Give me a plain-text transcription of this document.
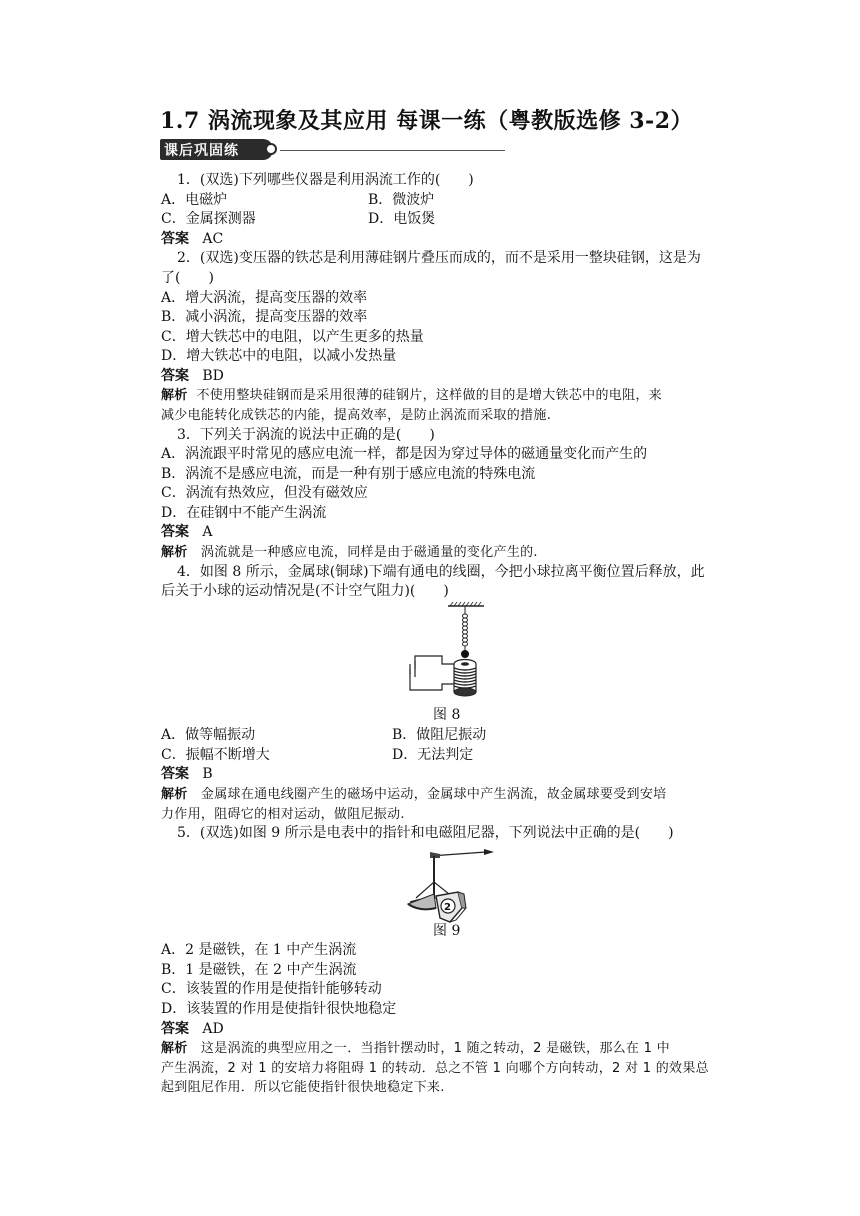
1.7 涡流现象及其应用 每课一练（粤教版选修 3-2）
课后巩固练
1．(双选)下列哪些仪器是利用涡流工作的(　　)
A．电磁炉	B．微波炉
C．金属探测器	D．电饭煲
答案 AC
2．(双选)变压器的铁芯是利用薄硅钢片叠压而成的，而不是采用一整块硅钢，这是为
了(　　)
A．增大涡流，提高变压器的效率
B．减小涡流，提高变压器的效率
C．增大铁芯中的电阻，以产生更多的热量
D．增大铁芯中的电阻，以减小发热量
答案 BD
解析 不使用整块硅钢而是采用很薄的硅钢片，这样做的目的是增大铁芯中的电阻，来
减少电能转化成铁芯的内能，提高效率，是防止涡流而采取的措施.
3．下列关于涡流的说法中正确的是(　　)
A．涡流跟平时常见的感应电流一样，都是因为穿过导体的磁通量变化而产生的
B．涡流不是感应电流，而是一种有别于感应电流的特殊电流
C．涡流有热效应，但没有磁效应
D．在硅钢中不能产生涡流
答案 A
解析 涡流就是一种感应电流，同样是由于磁通量的变化产生的.
4．如图 8 所示，金属球(铜球)下端有通电的线圈，今把小球拉离平衡位置后释放，此
后关于小球的运动情况是(不计空气阻力)(　　)
图 8
A．做等幅振动	B．做阻尼振动
C．振幅不断增大	D．无法判定
答案 B
解析 金属球在通电线圈产生的磁场中运动，金属球中产生涡流，故金属球要受到安培
力作用，阻碍它的相对运动，做阻尼振动.
5．(双选)如图 9 所示是电表中的指针和电磁阻尼器，下列说法中正确的是(　　)
2
图 9
A．2 是磁铁，在 1 中产生涡流
B．1 是磁铁，在 2 中产生涡流
C．该装置的作用是使指针能够转动
D．该装置的作用是使指针很快地稳定
答案 AD
解析 这是涡流的典型应用之一．当指针摆动时，1 随之转动，2 是磁铁，那么在 1 中
产生涡流，2 对 1 的安培力将阻碍 1 的转动．总之不管 1 向哪个方向转动，2 对 1 的效果总
起到阻尼作用．所以它能使指针很快地稳定下来.
